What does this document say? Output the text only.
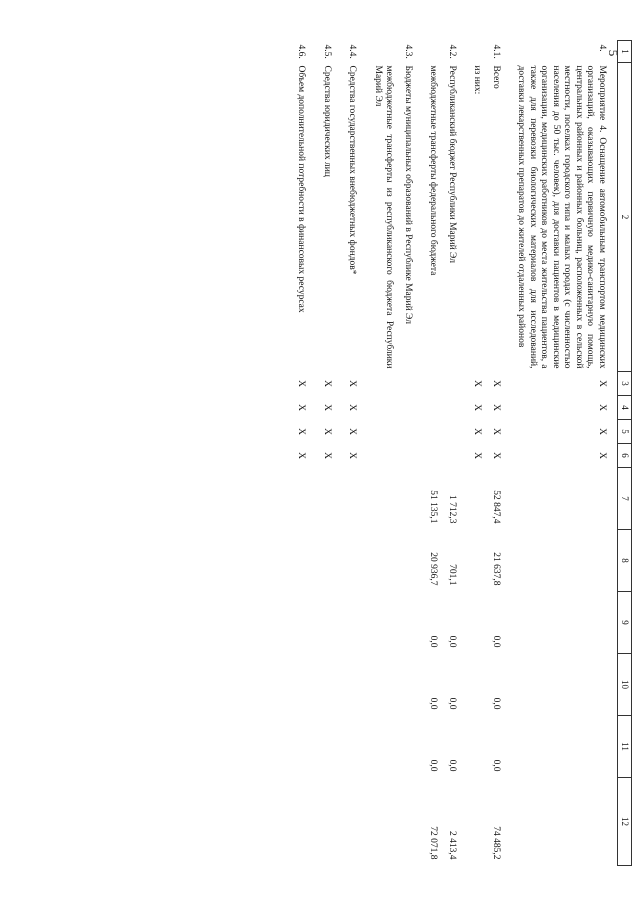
5 1	2	3	4	5	6	7	8	9	10	11	12
4.	Мероприятие 4. Оснащение автомобильным транспортом медицинских организаций, оказывающих первичную медико-санитарную помощь, центральных районных и районных больниц, расположенных в сельской местности, поселках городского типа и малых городах (с численностью населения до 50 тыс. человек), для доставки пациентов в медицинские организации, медицинских работников до места жительства пациентов, а также для перевозки биологических материалов для исследований, доставки лекарственных препаратов до жителей отдаленных районов	X	X	X	X						
4.1.	Всего	X	X	X	X	52 847,4	21 637,8	0,0	0,0	0,0	74 485,2
	из них:	X	X	X	X						
4.2.	Республиканский бюджет Республики Марий Эл					1 712,3	701,1	0,0	0,0	0,0	2 413,4
	межбюджетные трансферты федерального бюджета					51 135,1	20 936,7	0,0	0,0	0,0	72 071,8
4.3.	Бюджеты муниципальных образований в Республике Марий Эл										
	межбюджетные трансферты из республиканского бюджета Республики Марий Эл										
4.4.	Средства государственных внебюджетных фондов*	X	X	X	X						
4.5.	Средства юридических лиц	X	X	X	X						
4.6.	Объем дополнительной потребности в финансовых ресурсах	X	X	X	X						
